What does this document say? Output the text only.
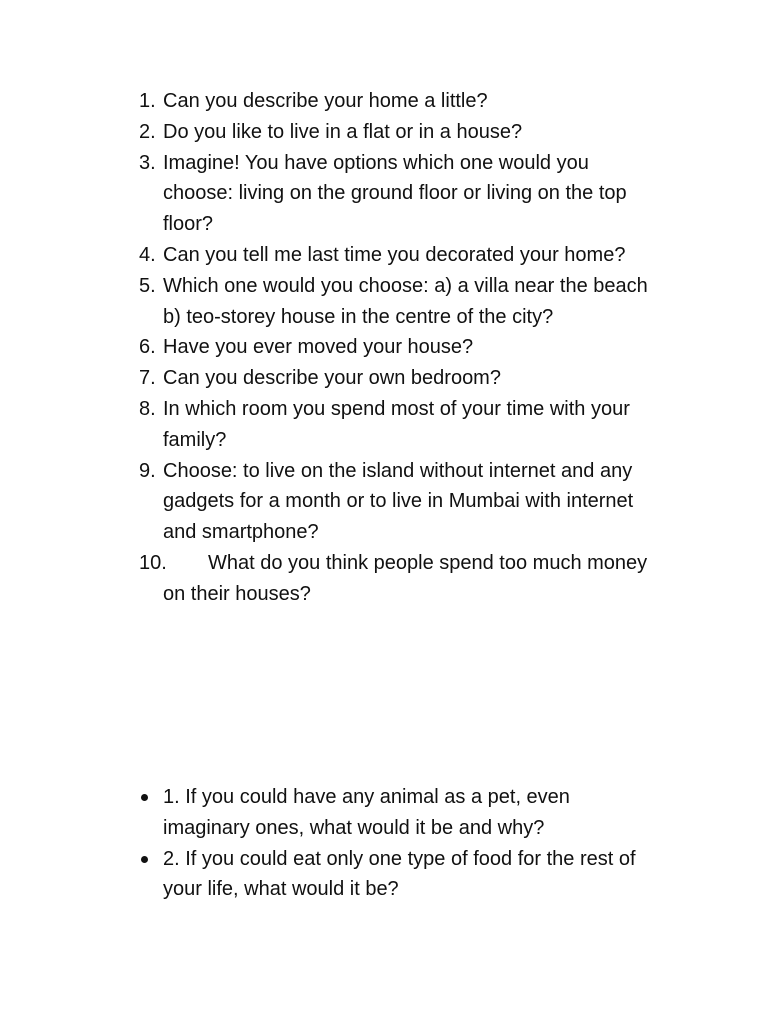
1. Can you describe your home a little?
2. Do you like to live in a flat or in a house?
3. Imagine! You have options which one would you choose: living on the ground floor or living on the top floor?
4. Can you tell me last time you decorated your home?
5. Which one would you choose: a) a villa near the beach b) teo-storey house in the centre of the city?
6. Have you ever moved your house?
7. Can you describe your own bedroom?
8. In which room you spend most of your time with your family?
9. Choose: to live on the island without internet and any gadgets for a month or to live in Mumbai with internet and smartphone?
10. What do you think people spend too much money on their houses?
1. If you could have any animal as a pet, even imaginary ones, what would it be and why?
2. If you could eat only one type of food for the rest of your life, what would it be?
